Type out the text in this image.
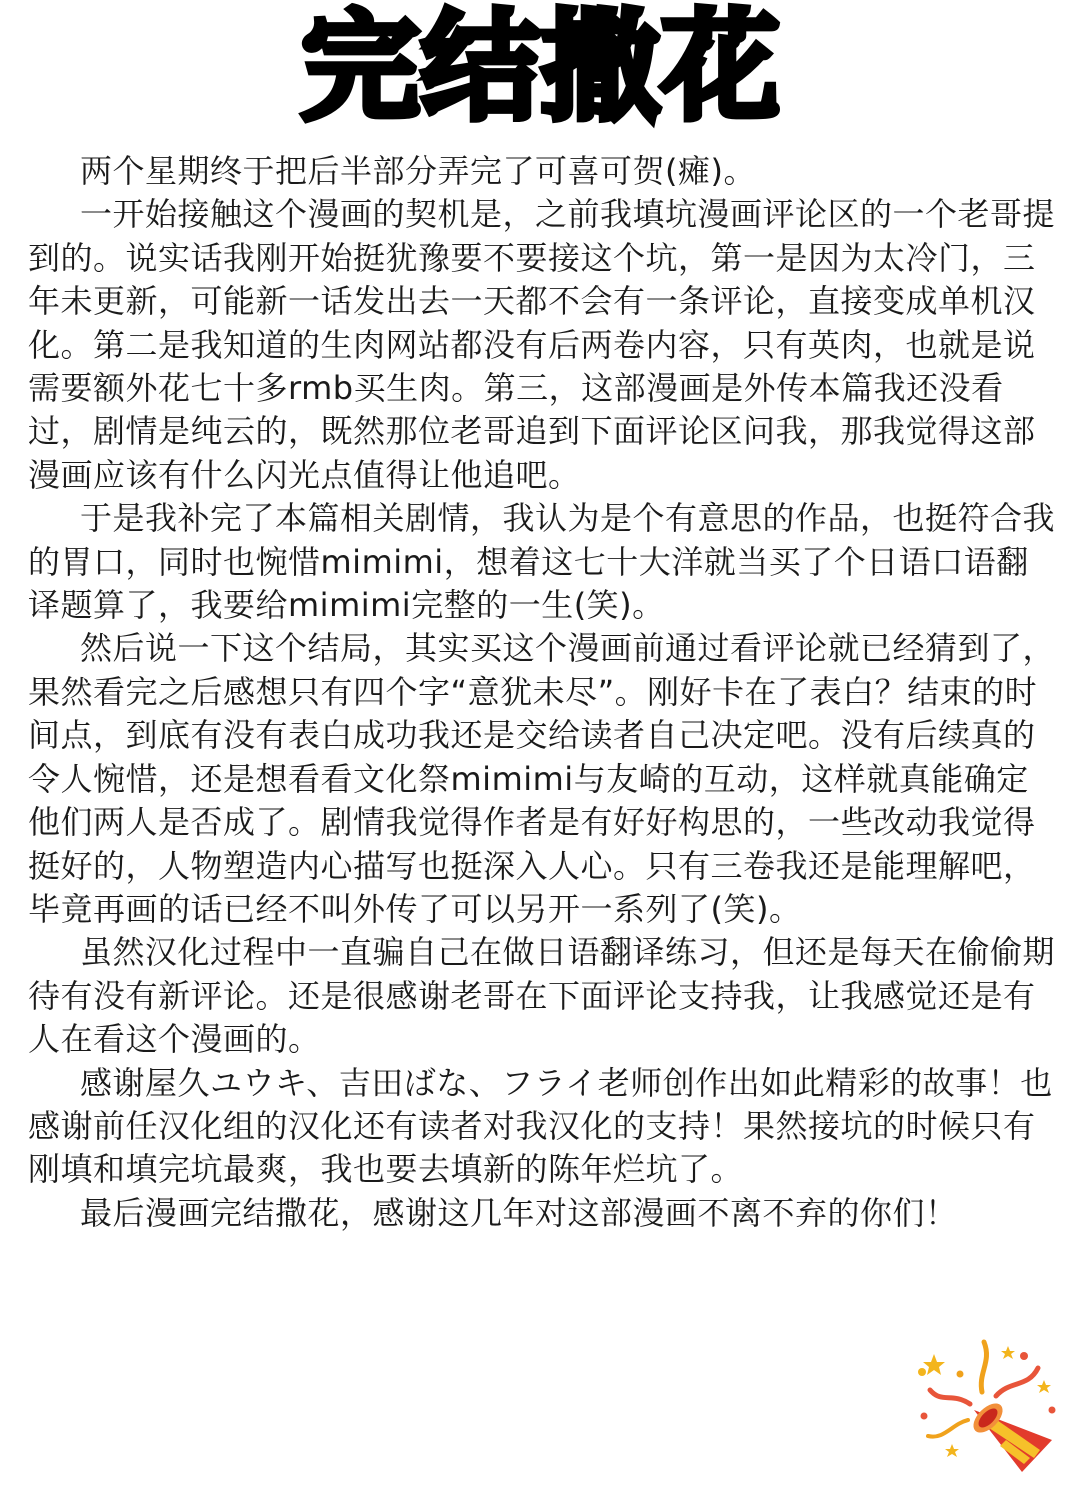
完结撒花

两个星期终于把后半部分弄完了可喜可贺(瘫)。

一开始接触这个漫画的契机是，之前我填坑漫画评论区的一个老哥提到的。说实话我刚开始挺犹豫要不要接这个坑，第一是因为太冷门，三年未更新，可能新一话发出去一天都不会有一条评论，直接变成单机汉化。第二是我知道的生肉网站都没有后两卷内容，只有英肉，也就是说需要额外花七十多rmb买生肉。第三，这部漫画是外传本篇我还没看过，剧情是纯云的，既然那位老哥追到下面评论区问我，那我觉得这部漫画应该有什么闪光点值得让他追吧。

于是我补完了本篇相关剧情，我认为是个有意思的作品，也挺符合我的胃口，同时也惋惜mimimi，想着这七十大洋就当买了个日语口语翻译题算了，我要给mimimi完整的一生(笑)。

然后说一下这个结局，其实买这个漫画前通过看评论就已经猜到了，果然看完之后感想只有四个字“意犹未尽”。刚好卡在了表白？结束的时间点，到底有没有表白成功我还是交给读者自己决定吧。没有后续真的令人惋惜，还是想看看文化祭mimimi与友崎的互动，这样就真能确定他们两人是否成了。剧情我觉得作者是有好好构思的，一些改动我觉得挺好的，人物塑造内心描写也挺深入人心。只有三卷我还是能理解吧，毕竟再画的话已经不叫外传了可以另开一系列了(笑)。

虽然汉化过程中一直骗自己在做日语翻译练习，但还是每天在偷偷期待有没有新评论。还是很感谢老哥在下面评论支持我，让我感觉还是有人在看这个漫画的。

感谢屋久ユウキ、吉田ばな、フライ老师创作出如此精彩的故事！也感谢前任汉化组的汉化还有读者对我汉化的支持！果然接坑的时候只有刚填和填完坑最爽，我也要去填新的陈年烂坑了。

最后漫画完结撒花，感谢这几年对这部漫画不离不弃的你们！
